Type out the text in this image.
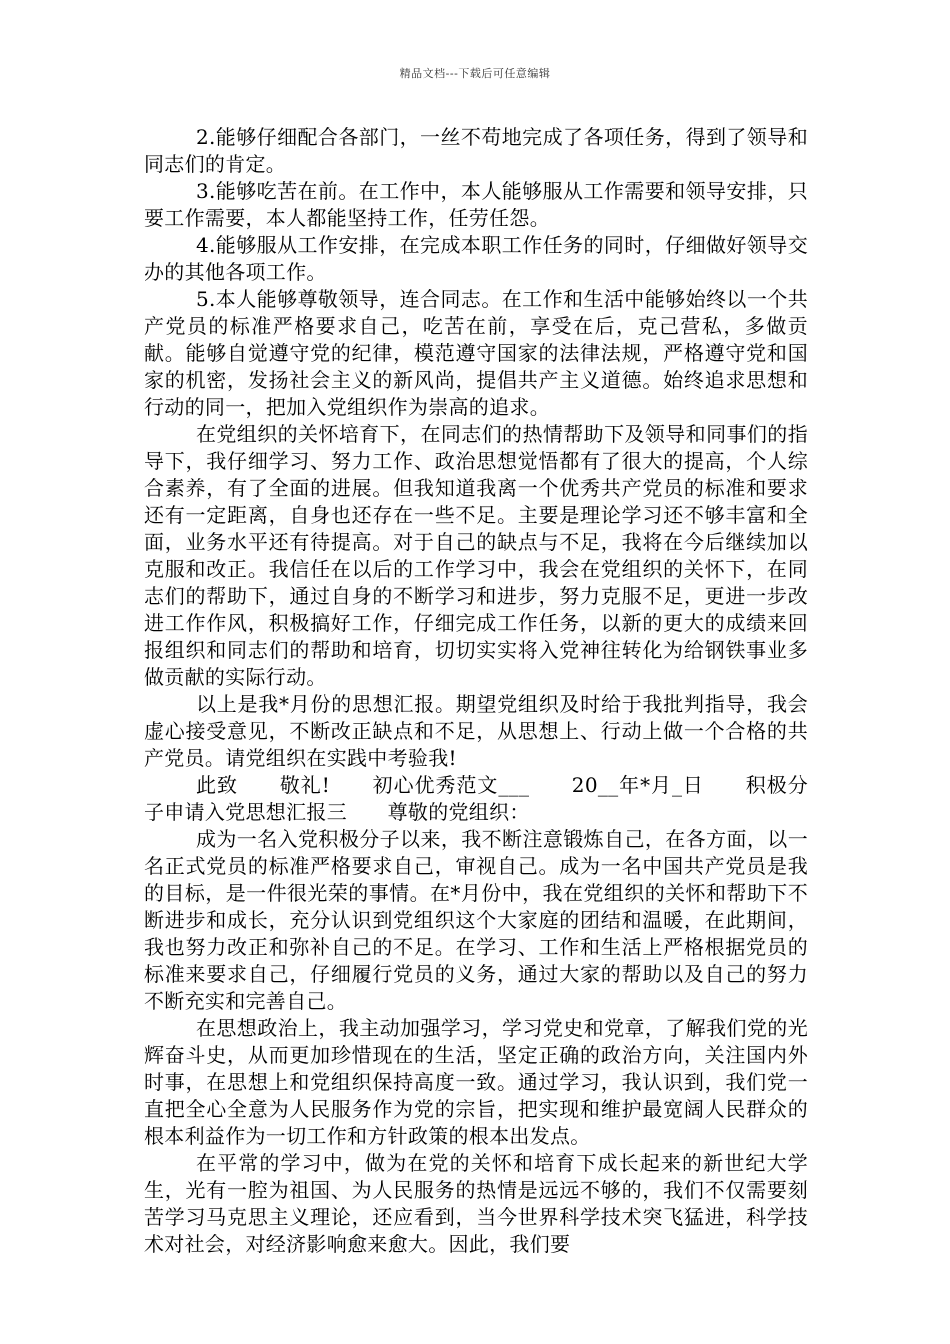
精品文档---下载后可任意编辑

2.能够仔细配合各部门，一丝不苟地完成了各项任务，得到了领导和同志们的肯定。

3.能够吃苦在前。在工作中，本人能够服从工作需要和领导安排，只要工作需要，本人都能坚持工作，任劳任怨。

4.能够服从工作安排，在完成本职工作任务的同时，仔细做好领导交办的其他各项工作。

5.本人能够尊敬领导，连合同志。在工作和生活中能够始终以一个共产党员的标准严格要求自己，吃苦在前，享受在后，克己营私，多做贡献。能够自觉遵守党的纪律，模范遵守国家的法律法规，严格遵守党和国家的机密，发扬社会主义的新风尚，提倡共产主义道德。始终追求思想和行动的同一，把加入党组织作为崇高的追求。

在党组织的关怀培育下，在同志们的热情帮助下及领导和同事们的指导下，我仔细学习、努力工作、政治思想觉悟都有了很大的提高，个人综合素养，有了全面的进展。但我知道我离一个优秀共产党员的标准和要求还有一定距离，自身也还存在一些不足。主要是理论学习还不够丰富和全面，业务水平还有待提高。对于自己的缺点与不足，我将在今后继续加以克服和改正。我信任在以后的工作学习中，我会在党组织的关怀下，在同志们的帮助下，通过自身的不断学习和进步，努力克服不足，更进一步改进工作作风，积极搞好工作，仔细完成工作任务，以新的更大的成绩来回报组织和同志们的帮助和培育，切切实实将入党神往转化为给钢铁事业多做贡献的实际行动。

以上是我*月份的思想汇报。期望党组织及时给于我批判指导，我会虚心接受意见，不断改正缺点和不足，从思想上、行动上做一个合格的共产党员。请党组织在实践中考验我!

此致　　敬礼!　　初心优秀范文___　　20__年*月_日　　积极分子申请入党思想汇报三　　尊敬的党组织：

成为一名入党积极分子以来，我不断注意锻炼自己，在各方面，以一名正式党员的标准严格要求自己，审视自己。成为一名中国共产党员是我的目标，是一件很光荣的事情。在*月份中，我在党组织的关怀和帮助下不断进步和成长，充分认识到党组织这个大家庭的团结和温暖，在此期间，我也努力改正和弥补自己的不足。在学习、工作和生活上严格根据党员的标准来要求自己，仔细履行党员的义务，通过大家的帮助以及自己的努力不断充实和完善自己。

在思想政治上，我主动加强学习，学习党史和党章，了解我们党的光辉奋斗史，从而更加珍惜现在的生活，坚定正确的政治方向，关注国内外时事，在思想上和党组织保持高度一致。通过学习，我认识到，我们党一直把全心全意为人民服务作为党的宗旨，把实现和维护最宽阔人民群众的根本利益作为一切工作和方针政策的根本出发点。

在平常的学习中，做为在党的关怀和培育下成长起来的新世纪大学生，光有一腔为祖国、为人民服务的热情是远远不够的，我们不仅需要刻苦学习马克思主义理论，还应看到，当今世界科学技术突飞猛进，科学技术对社会，对经济影响愈来愈大。因此，我们要
